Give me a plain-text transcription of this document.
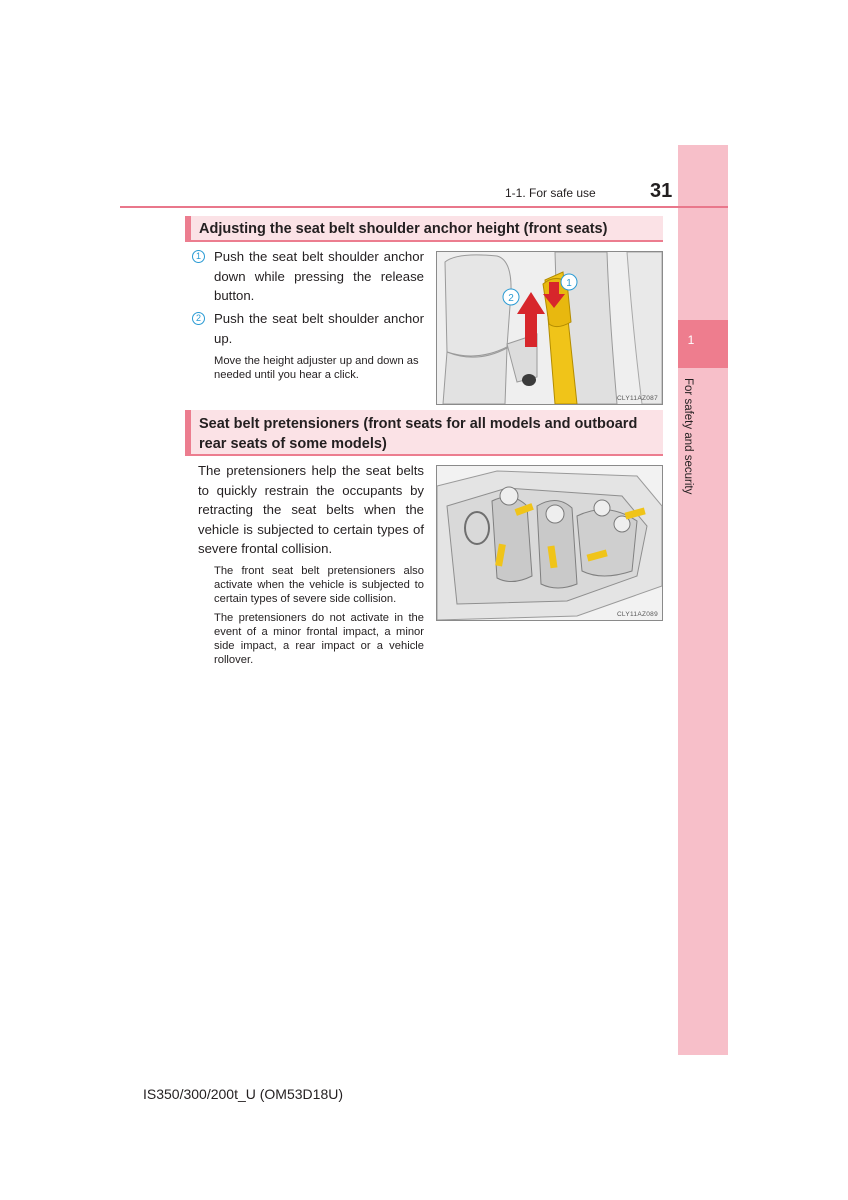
1
For safety and security
1-1. For safe use	31
Adjusting the seat belt shoulder anchor height (front seats)
1 Push the seat belt shoulder anchor down while pressing the release button.
2 Push the seat belt shoulder anchor up.
Move the height adjuster up and down as needed until you hear a click.
1
2
CLY11AZ087
Seat belt pretensioners (front seats for all models and outboard rear seats of some models)
The pretensioners help the seat belts to quickly restrain the occupants by retracting the seat belts when the vehicle is subjected to certain types of severe frontal collision.
The front seat belt pretensioners also activate when the vehicle is subjected to certain types of severe side collision.
The pretensioners do not activate in the event of a minor frontal impact, a minor side impact, a rear impact or a vehicle rollover.
CLY11AZ089
IS350/300/200t_U (OM53D18U)
